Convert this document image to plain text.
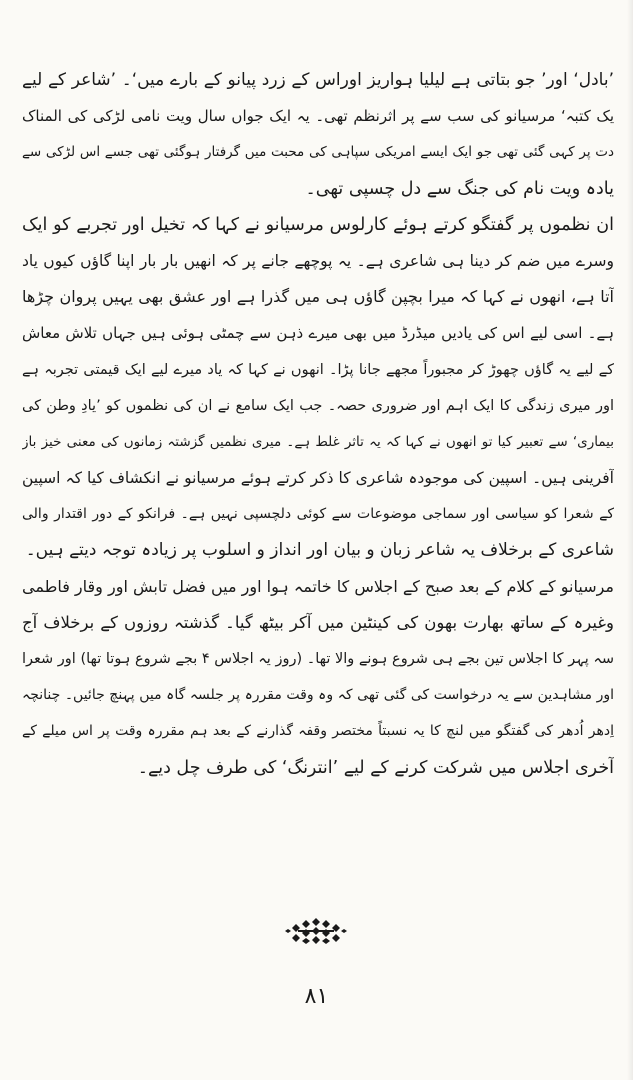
’بادل‘ اور’ جو بتاتی ہے لیلیا ہواریز اوراس کے زرد پیانو کے بارے میں‘۔ ’شاعر کے لیے
یک کتبہ‘ مرسیانو کی سب سے پر اثرنظم تھی۔ یہ ایک جواں سال ویت نامی لڑکی کی المناک
دت پر کہی گئی تھی جو ایک ایسے امریکی سپاہی کی محبت میں گرفتار ہوگئی تھی جسے اس لڑکی سے
یادہ ویت نام کی جنگ سے دل چسپی تھی۔
ان نظموں پر گفتگو کرتے ہوئے کارلوس مرسیانو نے کہا کہ تخیل اور تجربے کو ایک
وسرے میں ضم کر دینا ہی شاعری ہے۔ یہ پوچھے جانے پر کہ انھیں بار بار اپنا گاؤں کیوں یاد
آتا ہے، انھوں نے کہا کہ میرا بچپن گاؤں ہی میں گذرا ہے اور عشق بھی یہیں پروان چڑھا
ہے۔ اسی لیے اس کی یادیں میڈرڈ میں بھی میرے ذہن سے چمٹی ہوئی ہیں جہاں تلاش معاش
کے لیے یہ گاؤں چھوڑ کر مجبوراً مجھے جانا پڑا۔ انھوں نے کہا کہ یاد میرے لیے ایک قیمتی تجربہ ہے
اور میری زندگی کا ایک اہم اور ضروری حصہ۔ جب ایک سامع نے ان کی نظموں کو ’یادِ وطن کی
بیماری‘ سے تعبیر کیا تو انھوں نے کہا کہ یہ تاثر غلط ہے۔ میری نظمیں گزشتہ زمانوں کی معنی خیز باز
آفرینی ہیں۔ اسپین کی موجودہ شاعری کا ذکر کرتے ہوئے مرسیانو نے انکشاف کیا کہ اسپین
کے شعرا کو سیاسی اور سماجی موضوعات سے کوئی دلچسپی نہیں ہے۔ فرانکو کے دور اقتدار والی
شاعری کے برخلاف یہ شاعر زبان و بیان اور انداز و اسلوب پر زیادہ توجہ دیتے ہیں۔
مرسیانو کے کلام کے بعد صبح کے اجلاس کا خاتمہ ہوا اور میں فضل تابش اور وقار فاطمی
وغیرہ کے ساتھ بھارت بھون کی کینٹین میں آکر بیٹھ گیا۔ گذشتہ روزوں کے برخلاف آج
سہ پہر کا اجلاس تین بجے ہی شروع ہونے والا تھا۔ (روز یہ اجلاس ۴ بجے شروع ہوتا تھا) اور شعرا
اور مشاہدین سے یہ درخواست کی گئی تھی کہ وہ وقت مقررہ پر جلسہ گاہ میں پہنچ جائیں۔ چنانچہ
اِدھر اُدھر کی گفتگو میں لنچ کا یہ نسبتاً مختصر وقفہ گذارنے کے بعد ہم مقررہ وقت پر اس میلے کے
آخری اجلاس میں شرکت کرنے کے لیے ’انترنگ‘ کی طرف چل دیے۔
۸۱
